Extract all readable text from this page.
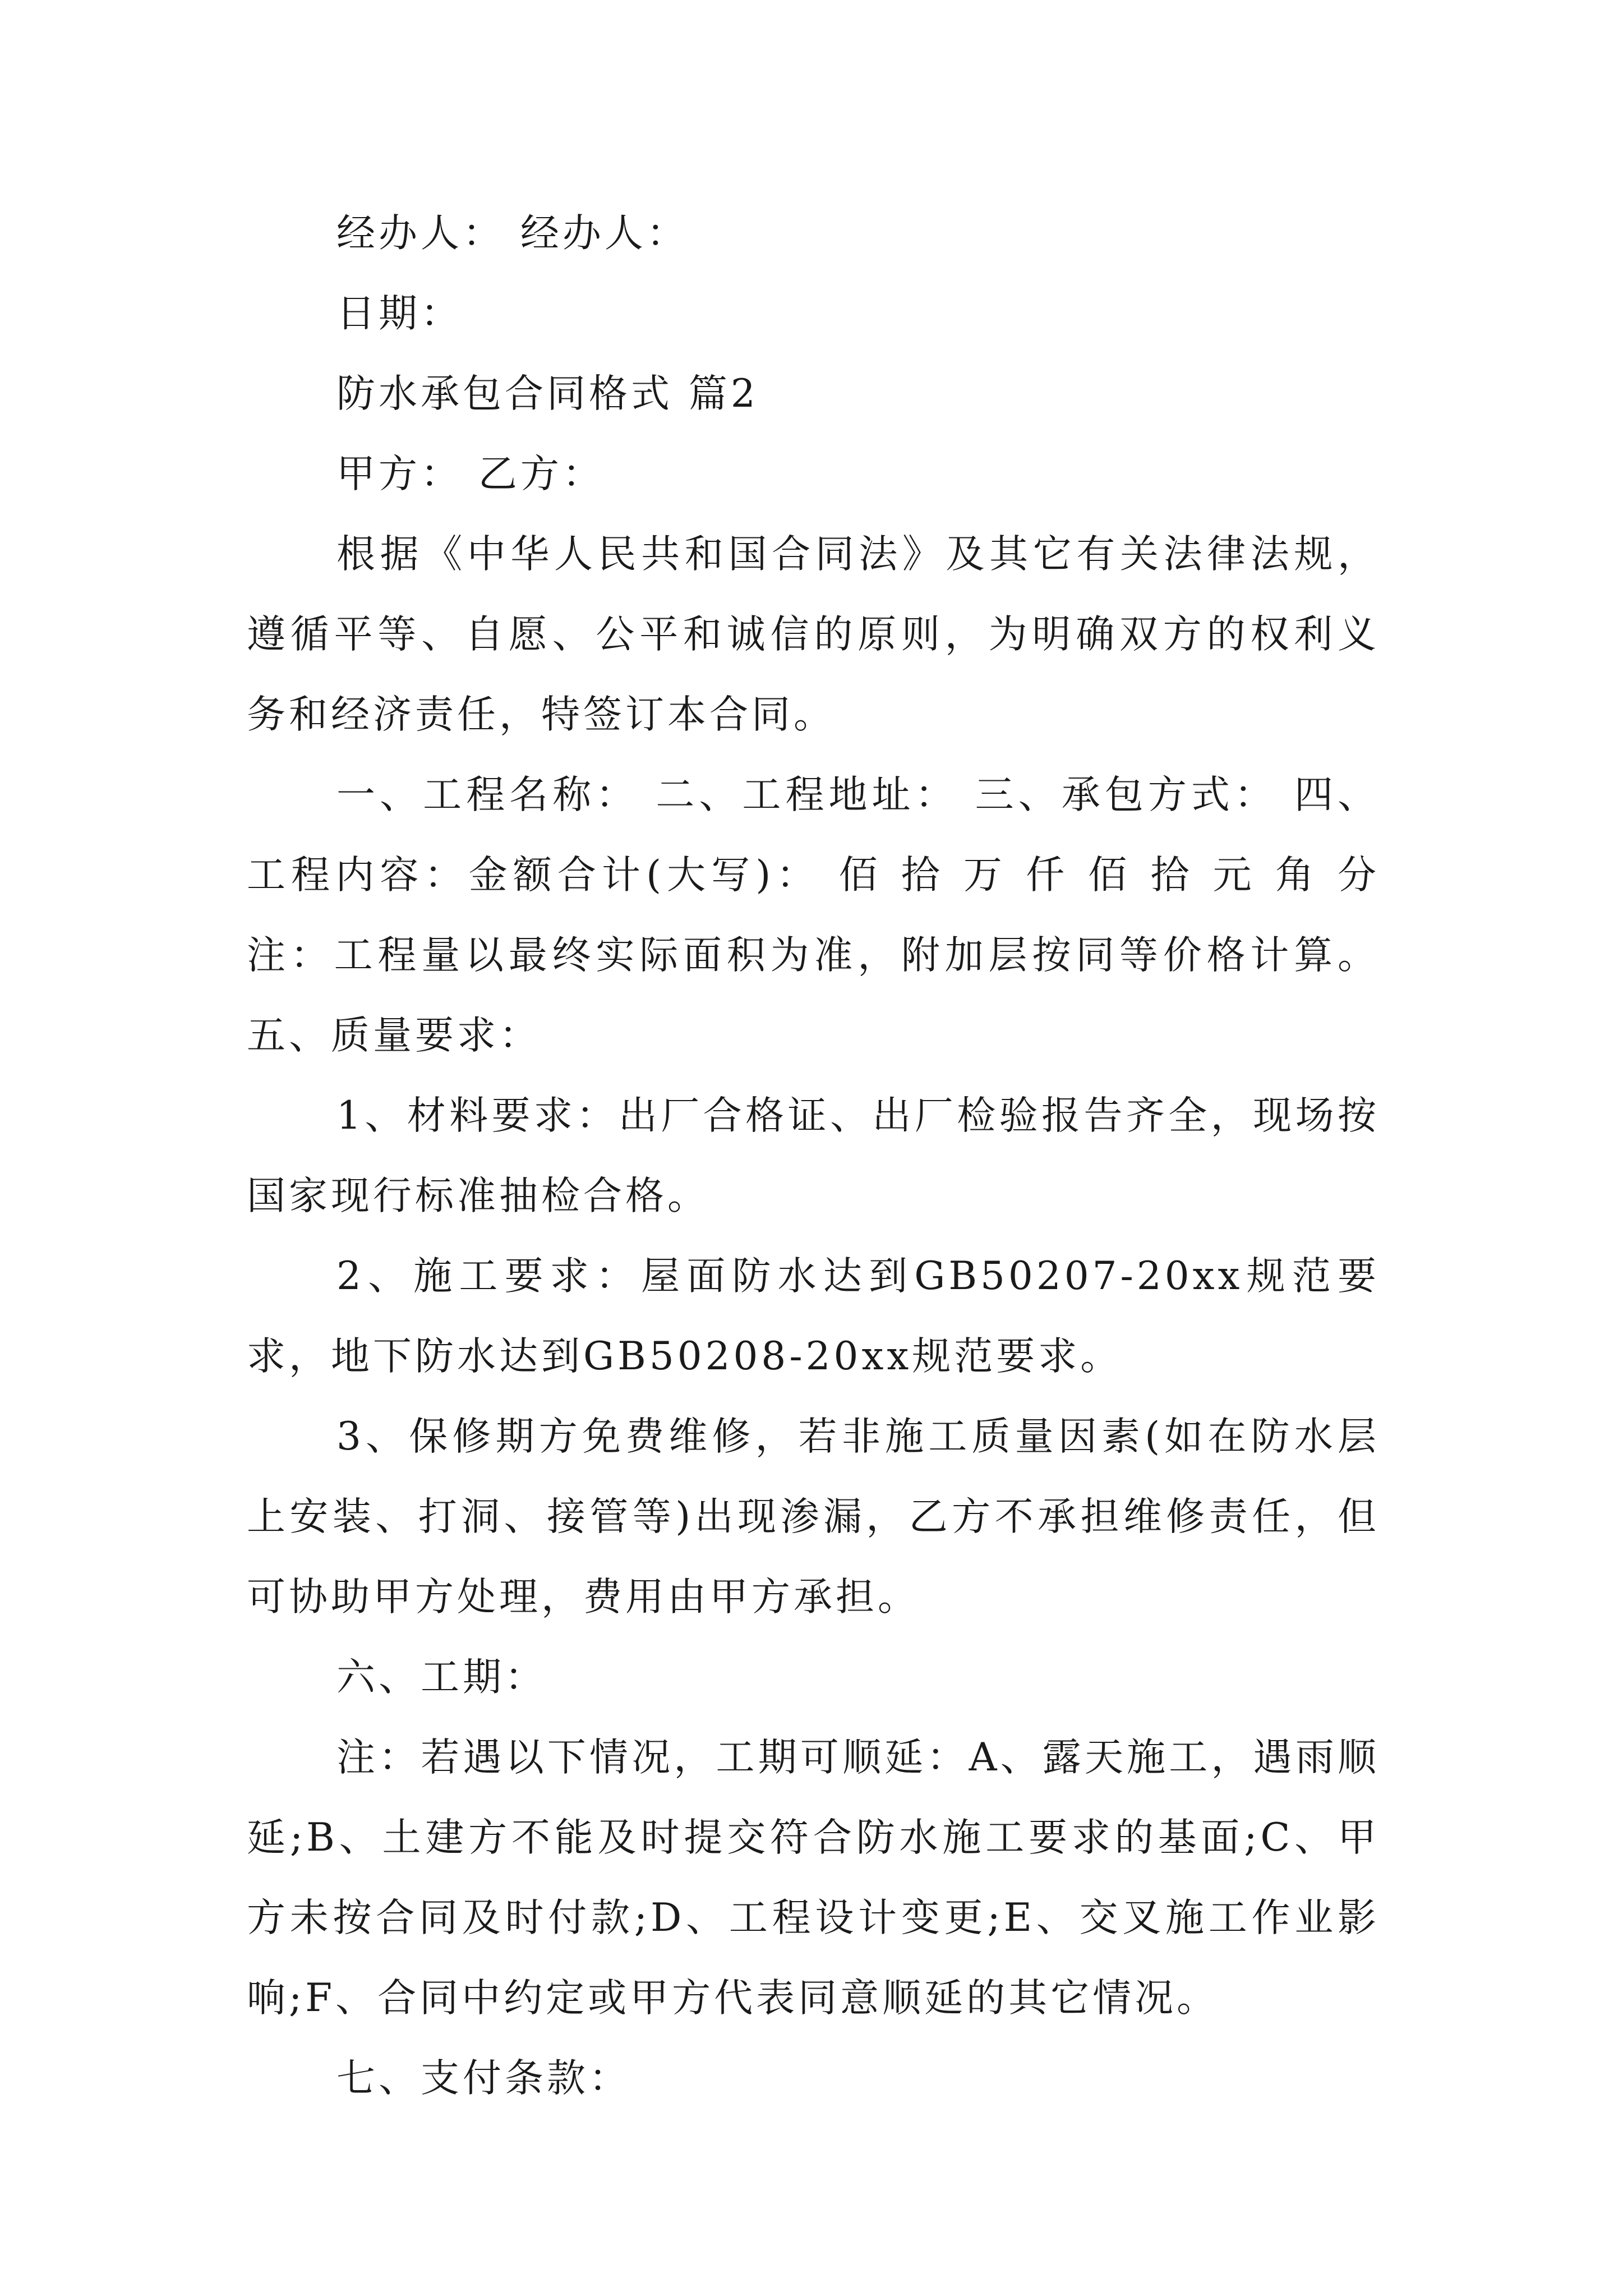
经办人： 经办人：

日期：

防水承包合同格式 篇2

甲方： 乙方：

根据《中华人民共和国合同法》及其它有关法律法规，遵循平等、自愿、公平和诚信的原则，为明确双方的权利义务和经济责任，特签订本合同。

一、工程名称： 二、工程地址： 三、承包方式： 四、工程内容：金额合计(大写)： 佰 拾 万 仟 佰 拾 元 角 分 注：工程量以最终实际面积为准，附加层按同等价格计算。 五、质量要求：

1、材料要求：出厂合格证、出厂检验报告齐全，现场按国家现行标准抽检合格。

2、施工要求：屋面防水达到GB50207-20xx规范要求，地下防水达到GB50208-20xx规范要求。

3、保修期方免费维修，若非施工质量因素(如在防水层上安装、打洞、接管等)出现渗漏，乙方不承担维修责任，但可协助甲方处理，费用由甲方承担。

六、工期：

注：若遇以下情况，工期可顺延：A、露天施工，遇雨顺延;B、土建方不能及时提交符合防水施工要求的基面;C、甲方未按合同及时付款;D、工程设计变更;E、交叉施工作业影响;F、合同中约定或甲方代表同意顺延的其它情况。

七、支付条款：
